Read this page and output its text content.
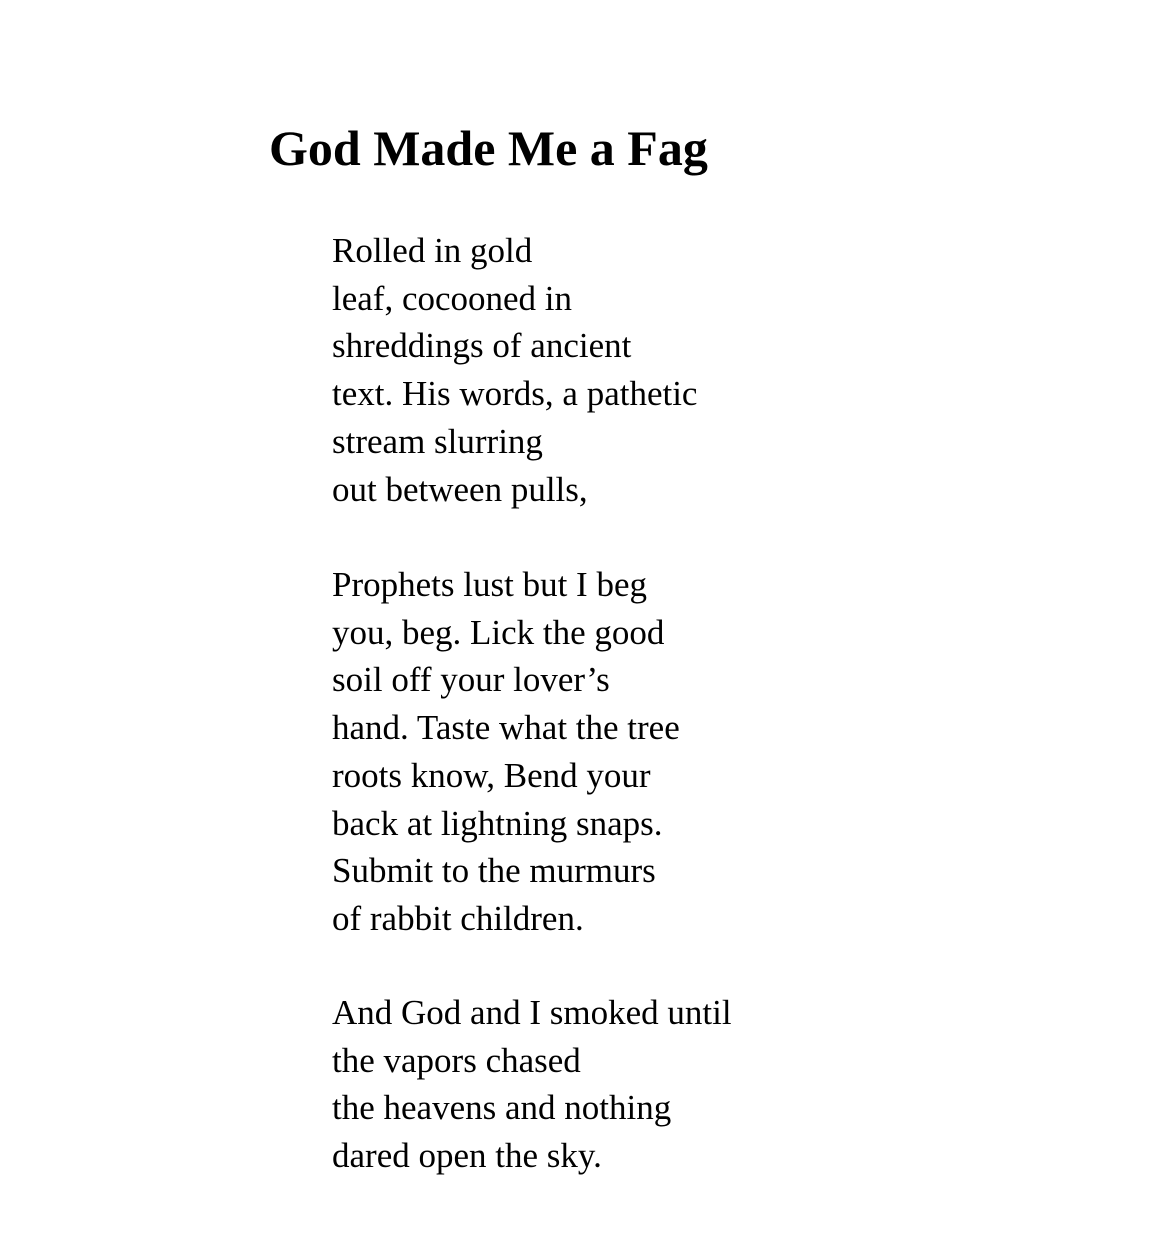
God Made Me a Fag
Rolled in gold
leaf, cocooned in
shreddings of ancient
text. His words, a pathetic
stream slurring
out between pulls,
Prophets lust but I beg
you, beg. Lick the good
soil off your lover’s
hand. Taste what the tree
roots know, Bend your
back at lightning snaps.
Submit to the murmurs
of rabbit children.
And God and I smoked until
the vapors chased
the heavens and nothing
dared open the sky.
